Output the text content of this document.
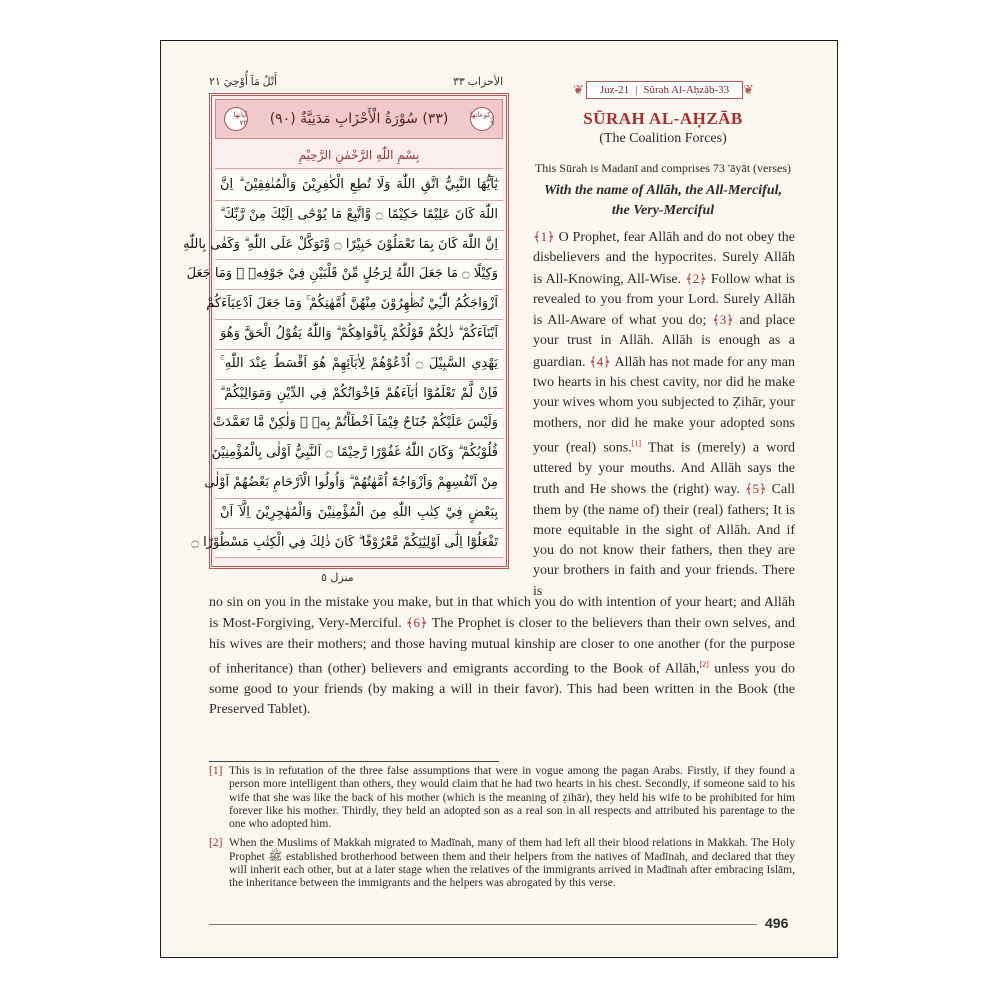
أَتْلُ مَآ أُوْحِيَ ٢١	الأحزاب ٣٣
آياتها ٧٣ (٣٣) سُوْرَةُ الْأَحْزَابِ مَدَنِيَّةٌ (٩٠)	ركوعاتها ٩
بِسْمِ اللّٰهِ الرَّحْمٰنِ الرَّحِيْمِ
يٰٓاَيُّهَا النَّبِيُّ اتَّقِ اللّٰهَ وَلَا تُطِعِ الْكٰفِرِيْنَ وَالْمُنٰفِقِيْنَ ۗ اِنَّ
اللّٰهَ كَانَ عَلِيْمًا حَكِيْمًا ۝ وَّاتَّبِعْ مَا يُوْحٰٓى اِلَيْكَ مِنْ رَّبِّكَ ۗ
اِنَّ اللّٰهَ كَانَ بِمَا تَعْمَلُوْنَ خَبِيْرًا ۝ وَّتَوَكَّلْ عَلَى اللّٰهِ ۗ وَكَفٰى بِاللّٰهِ
وَكِيْلًا ۝ مَا جَعَلَ اللّٰهُ لِرَجُلٍ مِّنْ قَلْبَيْنِ فِيْ جَوْفِهٖ ۚ وَمَا جَعَلَ
اَزْوَاجَكُمُ الّٰٓـِٔيْ تُظٰهِرُوْنَ مِنْهُنَّ اُمَّهٰتِكُمْ ۚ وَمَا جَعَلَ اَدْعِيَآءَكُمْ
اَبْنَآءَكُمْ ۗ ذٰلِكُمْ قَوْلُكُمْ بِاَفْوَاهِكُمْ ۗ وَاللّٰهُ يَقُوْلُ الْحَقَّ وَهُوَ
يَهْدِي السَّبِيْلَ ۝ اُدْعُوْهُمْ لِاٰبَآئِهِمْ هُوَ اَقْسَطُ عِنْدَ اللّٰهِ ۚ
فَاِنْ لَّمْ تَعْلَمُوْٓا اٰبَآءَهُمْ فَاِخْوَانُكُمْ فِي الدِّيْنِ وَمَوَالِيْكُمْ ۗ
وَلَيْسَ عَلَيْكُمْ جُنَاحٌ فِيْمَآ اَخْطَاْتُمْ بِهٖ ۙ وَلٰكِنْ مَّا تَعَمَّدَتْ
قُلُوْبُكُمْ ۗ وَكَانَ اللّٰهُ غَفُوْرًا رَّحِيْمًا ۝ اَلنَّبِيُّ اَوْلٰى بِالْمُؤْمِنِيْنَ
مِنْ اَنْفُسِهِمْ وَاَزْوَاجُهٗٓ اُمَّهٰتُهُمْ ۗ وَاُولُوا الْاَرْحَامِ بَعْضُهُمْ اَوْلٰى
بِبَعْضٍ فِيْ كِتٰبِ اللّٰهِ مِنَ الْمُؤْمِنِيْنَ وَالْمُهٰجِرِيْنَ اِلَّآ اَنْ
تَفْعَلُوْٓا اِلٰٓى اَوْلِيٰٓئِكُمْ مَّعْرُوْفًا ۗ كَانَ ذٰلِكَ فِي الْكِتٰبِ مَسْطُوْرًا ۝
منزل ٥
❦ Juz-21 | Sūrah Al-Aḥzāb-33 ❦
SŪRAH AL-AḤZĀB
(The Coalition Forces)
This Sūrah is Madanī and comprises 73 'āyāt (verses)
With the name of Allāh, the All-Merciful,
the Very-Merciful
﴾1﴿ O Prophet, fear Allāh and do not obey the disbelievers and the hypocrites. Surely Allāh is All-Knowing, All-Wise. ﴾2﴿ Follow what is revealed to you from your Lord. Surely Allāh is All-Aware of what you do; ﴾3﴿ and place your trust in Allāh. Allāh is enough as a guardian. ﴾4﴿ Allāh has not made for any man two hearts in his chest cavity, nor did he make your wives whom you subjected to Ẓihār, your mothers, nor did he make your adopted sons your (real) sons.[1] That is (merely) a word uttered by your mouths. And Allāh says the truth and He shows the (right) way. ﴾5﴿ Call them by (the name of) their (real) fathers; It is more equitable in the sight of Allāh. And if you do not know their fathers, then they are your brothers in faith and your friends. There is
no sin on you in the mistake you make, but in that which you do with intention of your heart; and Allāh is Most-Forgiving, Very-Merciful. ﴾6﴿ The Prophet is closer to the believers than their own selves, and his wives are their mothers; and those having mutual kinship are closer to one another (for the purpose of inheritance) than (other) believers and emigrants according to the Book of Allāh,[2] unless you do some good to your friends (by making a will in their favor). This had been written in the Book (the Preserved Tablet).
[1] This is in refutation of the three false assumptions that were in vogue among the pagan Arabs. Firstly, if they found a person more intelligent than others, they would claim that he had two hearts in his chest. Secondly, if someone said to his wife that she was like the back of his mother (which is the meaning of ẓihār), they held his wife to be prohibited for him forever like his mother. Thirdly, they held an adopted son as a real son in all respects and attributed his parentage to the one who adopted him.
[2] When the Muslims of Makkah migrated to Madīnah, many of them had left all their blood relations in Makkah. The Holy Prophet ﷺ established brotherhood between them and their helpers from the natives of Madīnah, and declared that they will inherit each other, but at a later stage when the relatives of the immigrants arrived in Madīnah after embracing Islām, the inheritance between the immigrants and the helpers was abrogated by this verse.
496
